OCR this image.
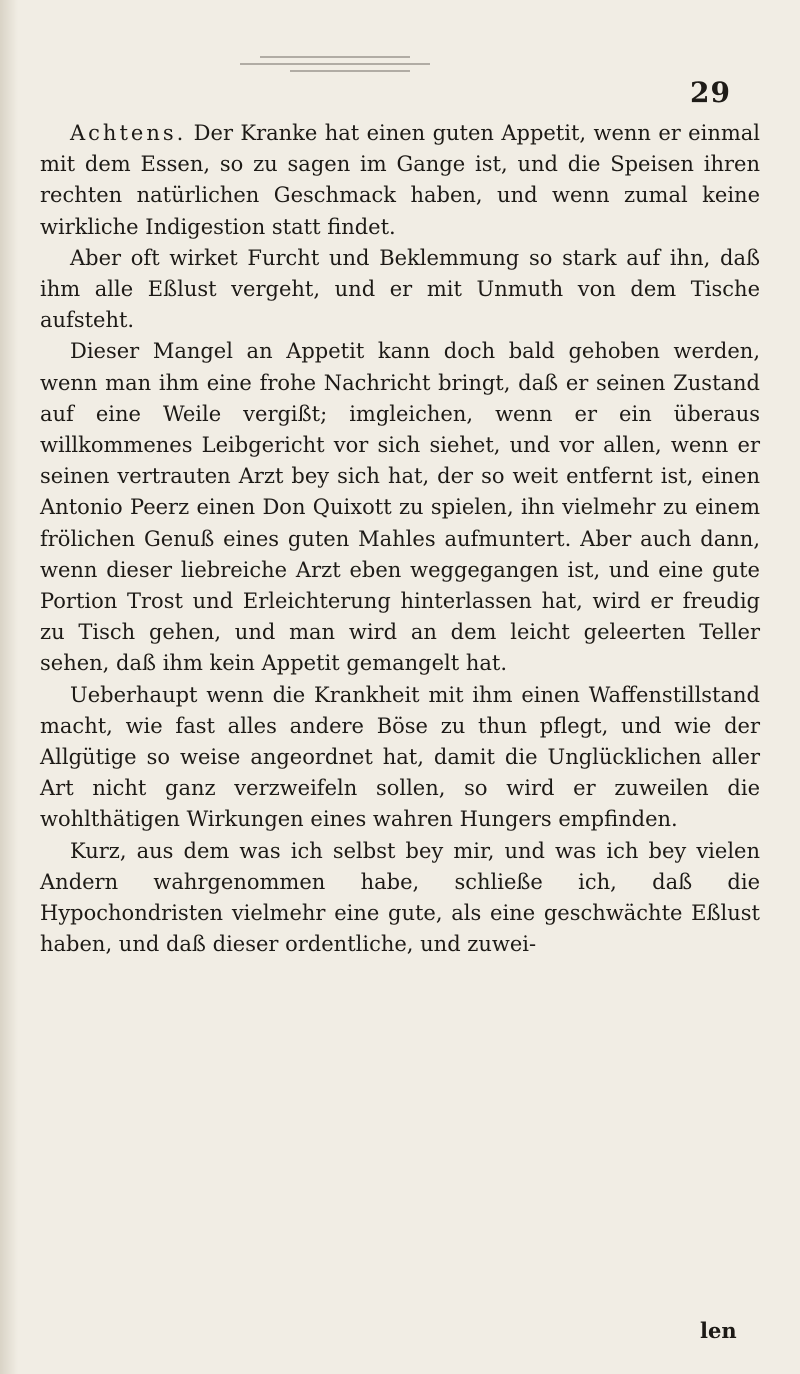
29

Achtens. Der Kranke hat einen guten Appetit, wenn er einmal mit dem Essen, so zu sagen im Gange ist, und die Speisen ihren rechten natürlichen Geschmack haben, und wenn zumal keine wirkliche Indigestion statt findet.

Aber oft wirket Furcht und Beklemmung so stark auf ihn, daß ihm alle Eßlust vergeht, und er mit Unmuth von dem Tische aufsteht.

Dieser Mangel an Appetit kann doch bald gehoben werden, wenn man ihm eine frohe Nachricht bringt, daß er seinen Zustand auf eine Weile vergißt; imgleichen, wenn er ein überaus willkommenes Leibgericht vor sich siehet, und vor allen, wenn er seinen vertrauten Arzt bey sich hat, der so weit entfernt ist, einen Antonio Peerz einen Don Quixott zu spielen, ihn vielmehr zu einem frölichen Genuß eines guten Mahles aufmuntert. Aber auch dann, wenn dieser liebreiche Arzt eben weggegangen ist, und eine gute Portion Trost und Erleichterung hinterlassen hat, wird er freudig zu Tisch gehen, und man wird an dem leicht geleerten Teller sehen, daß ihm kein Appetit gemangelt hat.

Ueberhaupt wenn die Krankheit mit ihm einen Waffenstillstand macht, wie fast alles andere Böse zu thun pflegt, und wie der Allgütige so weise angeordnet hat, damit die Unglücklichen aller Art nicht ganz verzweifeln sollen, so wird er zuweilen die wohlthätigen Wirkungen eines wahren Hungers empfinden.

Kurz, aus dem was ich selbst bey mir, und was ich bey vielen Andern wahrgenommen habe, schließe ich, daß die Hypochondristen vielmehr eine gute, als eine geschwächte Eßlust haben, und daß dieser ordentliche, und zuwei-

len
